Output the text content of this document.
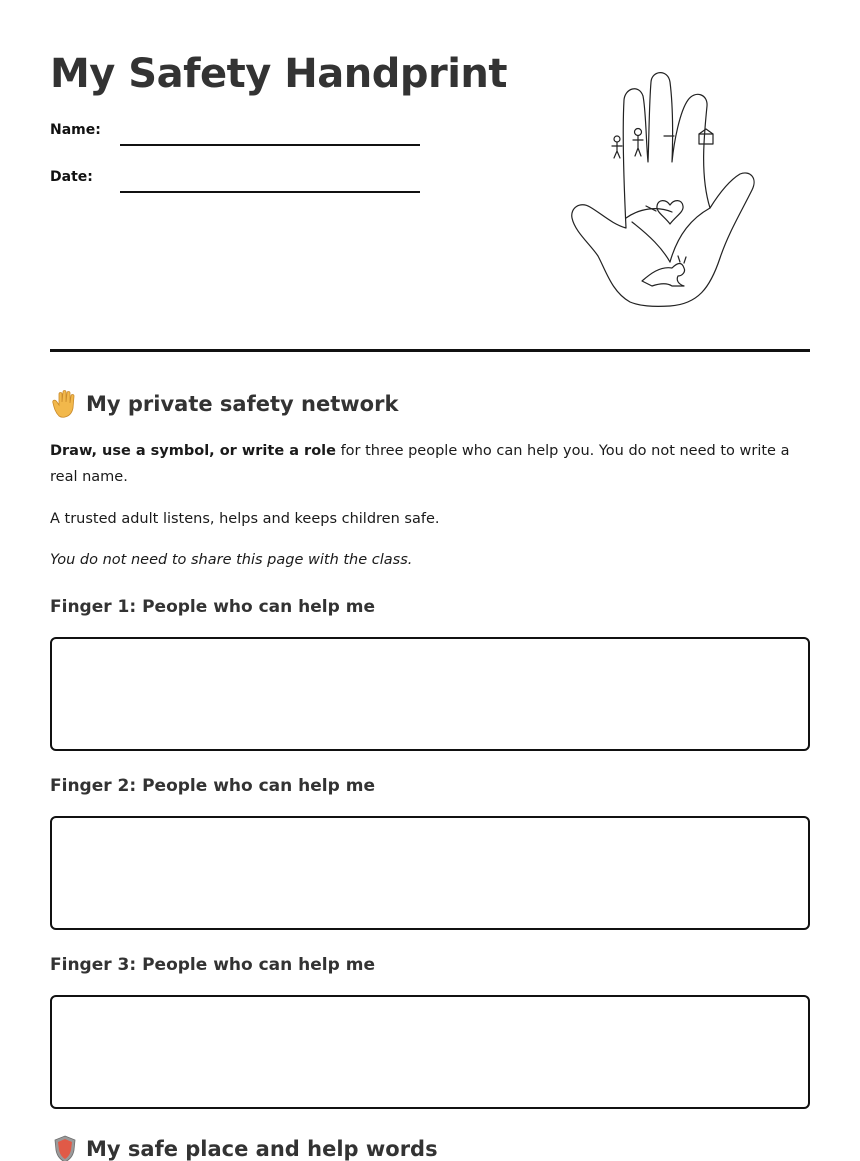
My Safety Handprint
Name:
Date:
My private safety network

Draw, use a symbol, or write a role for three people who can help you. You do not need to write a real name.

A trusted adult listens, helps and keeps children safe.

You do not need to share this page with the class.

Finger 1: People who can help me
Finger 2: People who can help me
Finger 3: People who can help me
My safe place and help words
